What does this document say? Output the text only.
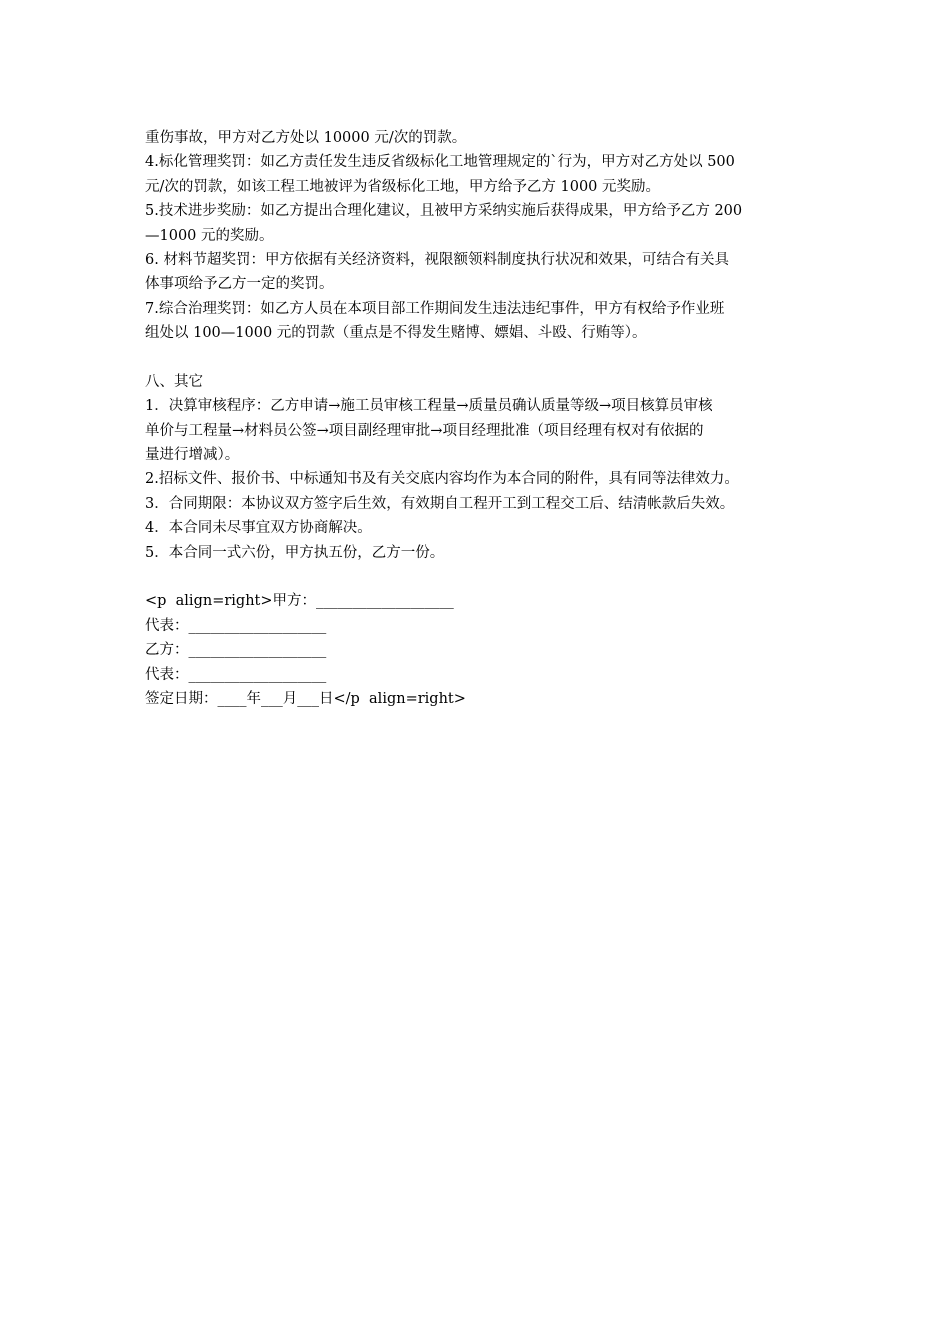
重伤事故，甲方对乙方处以 10000 元/次的罚款。
4.标化管理奖罚：如乙方责任发生违反省级标化工地管理规定的`行为，甲方对乙方处以 500
元/次的罚款，如该工程工地被评为省级标化工地，甲方给予乙方 1000 元奖励。
5.技术进步奖励：如乙方提出合理化建议，且被甲方采纳实施后获得成果，甲方给予乙方 200
—1000 元的奖励。
6. 材料节超奖罚：甲方依据有关经济资料，视限额领料制度执行状况和效果，可结合有关具
体事项给予乙方一定的奖罚。
7.综合治理奖罚：如乙方人员在本项目部工作期间发生违法违纪事件，甲方有权给予作业班
组处以 100—1000 元的罚款（重点是不得发生赌博、嫖娼、斗殴、行贿等）。
八、其它
1．决算审核程序：乙方申请→施工员审核工程量→质量员确认质量等级→项目核算员审核
单价与工程量→材料员公签→项目副经理审批→项目经理批准（项目经理有权对有依据的
量进行增减）。
2.招标文件、报价书、中标通知书及有关交底内容均作为本合同的附件，具有同等法律效力。
3．合同期限：本协议双方签字后生效，有效期自工程开工到工程交工后、结清帐款后失效。
4．本合同未尽事宜双方协商解决。
5．本合同一式六份，甲方执五份，乙方一份。
<p  align=right>甲方：___________________
代表：___________________
乙方：___________________
代表：___________________
签定日期：____年___月___日</p  align=right>
